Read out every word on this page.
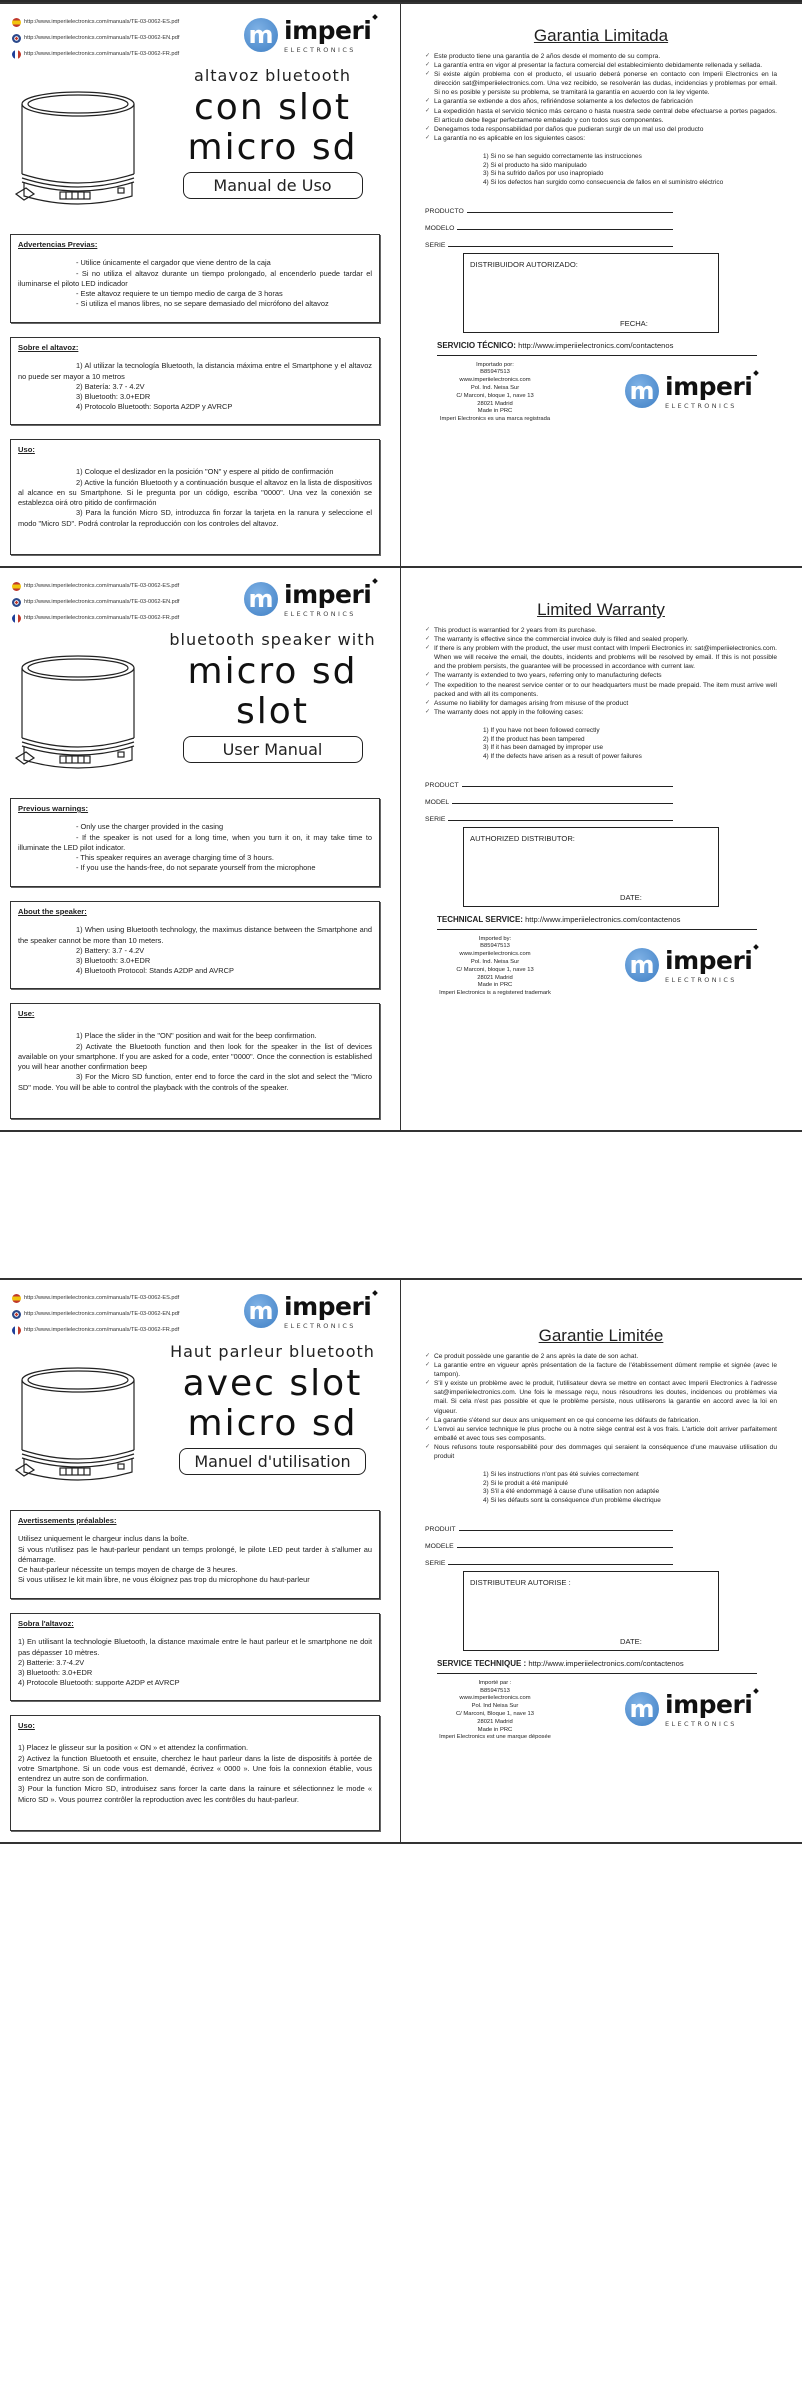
http://www.imperiielectronics.com/manuals/TE-03-0062-ES.pdf
http://www.imperiielectronics.com/manuals/TE-03-0062-EN.pdf
http://www.imperiielectronics.com/manuals/TE-03-0062-FR.pdf
m imperi
ELECTRONICS
altavoz bluetooth
con slot
micro sd
Manual de Uso
Advertencias Previas:

- Utilice únicamente el cargador que viene dentro de la caja

- Si no utiliza el altavoz durante un tiempo prolongado, al encenderlo puede tardar el iluminarse el piloto LED indicador

- Este altavoz requiere te un tiempo medio de carga de 3 horas

- Si utiliza el manos libres, no se separe demasiado del micrófono del altavoz

Sobre el altavoz:

1) Al utilizar la tecnología Bluetooth, la distancia máxima entre el Smartphone y el altavoz no puede ser mayor a 10 metros

2) Batería: 3.7 - 4.2V

3) Bluetooth: 3.0+EDR

4) Protocolo Bluetooth: Soporta A2DP y AVRCP

Uso:

1) Coloque el deslizador en la posición "ON" y espere al pitido de confirmación

2) Active la función Bluetooth y a continuación busque el altavoz en la lista de dispositivos al alcance en su Smartphone. Si le pregunta por un código, escriba "0000". Una vez la conexión se establezca oirá otro pitido de confirmación

3) Para la función Micro SD, introduzca fin forzar la tarjeta en la ranura y seleccione el modo "Micro SD". Podrá controlar la reproducción con los controles del altavoz.

Garantia Limitada
✓ Este producto tiene una garantía de 2 años desde el momento de su compra.
✓ La garantía entra en vigor al presentar la factura comercial del establecimiento debidamente rellenada y sellada.
✓ Si existe algún problema con el producto, el usuario deberá ponerse en contacto con Imperii Electronics en la dirección sat@imperiielectronics.com. Una vez recibido, se resolverán las dudas, incidencias y problemas por email. Si no es posible y persiste su problema, se tramitará la garantía en acuerdo con la ley vigente.
✓ La garantía se extiende a dos años, refiriéndose solamente a los defectos de fabricación
✓ La expedición hasta el servicio técnico más cercano o hasta nuestra sede central debe efectuarse a portes pagados. El artículo debe llegar perfectamente embalado y con todos sus componentes.
✓ Denegamos toda responsabilidad por daños que pudieran surgir de un mal uso del producto
✓ La garantía no es aplicable en los siguientes casos:
1) Si no se han seguido correctamente las instrucciones
2) Si el producto ha sido manipulado
3) Si ha sufrido daños por uso inapropiado
4) Si los defectos han surgido como consecuencia de fallos en el suministro eléctrico
PRODUCTO
MODELO
SERIE
DISTRIBUIDOR AUTORIZADO:
FECHA:
SERVICIO TÉCNICO: http://www.imperiielectronics.com/contactenos
Importado por:
B85947513
www.imperiielectronics.com
Pol. Ind. Neisa Sur
C/ Marconi, bloque 1, nave 13
28021 Madrid
Made in PRC
Imperi Electronics es una marca registrada
m imperi
ELECTRONICS
http://www.imperiielectronics.com/manuals/TE-03-0062-ES.pdf
http://www.imperiielectronics.com/manuals/TE-03-0062-EN.pdf
http://www.imperiielectronics.com/manuals/TE-03-0062-FR.pdf
m imperi
ELECTRONICS
bluetooth speaker with
micro sd
slot
User Manual
Previous warnings:

- Only use the charger provided in the casing

- If the speaker is not used for a long time, when you turn it on, it may take time to illuminate the LED pilot indicator.

- This speaker requires an average charging time of 3 hours.

- If you use the hands-free, do not separate yourself from the microphone

About the speaker:

1) When using Bluetooth technology, the maximus distance between the Smartphone and the speaker cannot be more than 10 meters.

2) Battery: 3.7 - 4.2V

3) Bluetooth: 3.0+EDR

4) Bluetooth Protocol: Stands A2DP and AVRCP

Use:

1) Place the slider in the "ON" position and wait for the beep confirmation.

2) Activate the Bluetooth function and then look for the speaker in the list of devices available on your smartphone. If you are asked for a code, enter "0000". Once the connection is established you will hear another confirmation beep

3) For the Micro SD function, enter end to force the card in the slot and select the "Micro SD" mode. You will be able to control the playback with the controls of the speaker.

Limited Warranty
✓ This product is warrantied for 2 years from its purchase.
✓ The warranty is effective since the commercial invoice duly is filled and sealed properly.
✓ If there is any problem with the product, the user must contact with Imperii Electronics in: sat@imperiielectronics.com. When we will receive the email, the doubts, incidents and problems will be resolved by email. If this is not possible and the problem persists, the guarantee will be processed in accordance with current law.
✓ The warranty is extended to two years, referring only to manufacturing defects
✓ The expedition to the nearest service center or to our headquarters must be made prepaid. The item must arrive well packed and with all its components.
✓ Assume no liability for damages arising from misuse of the product
✓ The warranty does not apply in the following cases:
1) If you have not been followed correctly
2) If the product has been tampered
3) If it has been damaged by improper use
4) If the defects have arisen as a result of power failures
PRODUCT
MODEL
SERIE
AUTHORIZED DISTRIBUTOR:
DATE:
TECHNICAL SERVICE: http://www.imperiielectronics.com/contactenos
Imported by:
B85947513
www.imperiielectronics.com
Pol. Ind. Neisa Sur
C/ Marconi, bloque 1, nave 13
28021 Madrid
Made in PRC
Imperi Electronics is a registered trademark
m imperi
ELECTRONICS
http://www.imperiielectronics.com/manuals/TE-03-0062-ES.pdf
http://www.imperiielectronics.com/manuals/TE-03-0062-EN.pdf
http://www.imperiielectronics.com/manuals/TE-03-0062-FR.pdf
m imperi
ELECTRONICS
Haut parleur bluetooth
avec slot
micro sd
Manuel d'utilisation
Avertissements préalables:

Utilisez uniquement le chargeur inclus dans la boîte.

Si vous n'utilisez pas le haut-parleur pendant un temps prolongé, le pilote LED peut tarder à s'allumer au démarrage.

Ce haut-parleur nécessite un temps moyen de charge de 3 heures.

Si vous utilisez le kit main libre, ne vous éloignez pas trop du microphone du haut-parleur

Sobra l'altavoz:

1) En utilisant la technologie Bluetooth, la distance maximale entre le haut parleur et le smartphone ne doit pas dépasser 10 mètres.

2) Batterie: 3.7-4.2V

3) Bluetooth: 3.0+EDR

4) Protocole Bluetooth: supporte A2DP et AVRCP

Uso:

1) Placez le glisseur sur la position « ON » et attendez la confirmation.

2) Activez la function Bluetooth et ensuite, cherchez le haut parleur dans la liste de dispositifs à portée de votre Smartphone. Si un code vous est demandé, écrivez « 0000 ». Une fois la connexion établie, vous entendrez un autre son de confirmation.

3) Pour la function Micro SD, introduisez sans forcer la carte dans la rainure et sélectionnez le mode « Micro SD ». Vous pourrez contrôler la reproduction avec les contrôles du haut-parleur.

Garantie Limitée
✓ Ce produit possède une garantie de 2 ans après la date de son achat.
✓ La garantie entre en vigueur après présentation de la facture de l'établissement dûment remplie et signée (avec le tampon).
✓ S'il y existe un problème avec le produit, l'utilisateur devra se mettre en contact avec Imperii Electronics à l'adresse sat@imperiielectronics.com. Une fois le message reçu, nous résoudrons les doutes, incidences ou problèmes via mail. Si cela n'est pas possible et que le problème persiste, nous utiliserons la garantie en accord avec la loi en vigueur.
✓ La garantie s'étend sur deux ans uniquement en ce qui concerne les défauts de fabrication.
✓ L'envoi au service technique le plus proche ou à notre siège central est à vos frais. L'article doit arriver parfaitement emballé et avec tous ses composants.
✓ Nous refusons toute responsabilité pour des dommages qui seraient la conséquence d'une mauvaise utilisation du produit
1) Si les instructions n'ont pas été suivies correctement
2) Si le produit a été manipulé
3) S'il a été endommagé à cause d'une utilisation non adaptée
4) Si les défauts sont la conséquence d'un problème électrique
PRODUIT
MODELE
SERIE
DISTRIBUTEUR AUTORISE :
DATE:
SERVICE TECHNIQUE : http://www.imperiielectronics.com/contactenos
Importé par :
B85947513
www.imperiielectronics.com
Pol. Ind Neisa Sur
C/ Marconi, Bloque 1, nave 13
28021 Madrid
Made in PRC
Imperi Electronics est une marque déposée
m imperi
ELECTRONICS
